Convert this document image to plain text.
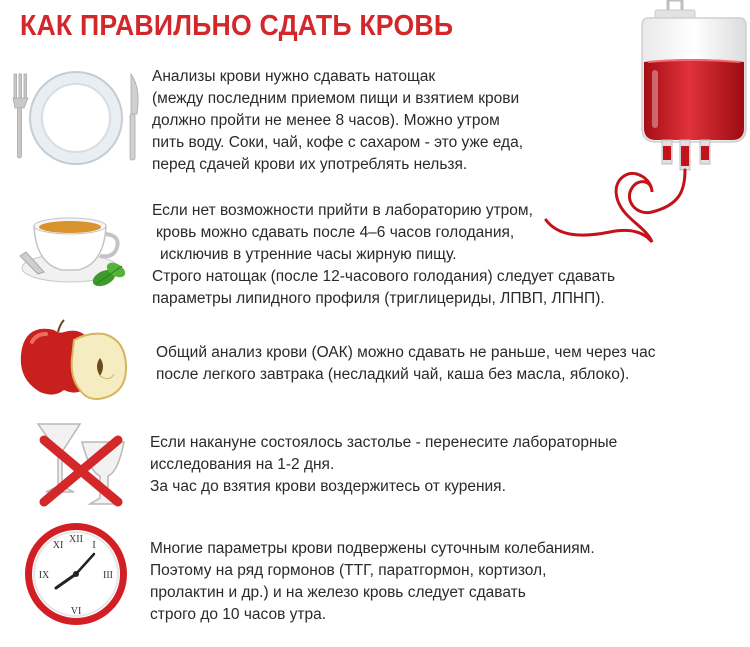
КАК ПРАВИЛЬНО СДАТЬ КРОВЬ
XII
III
VI
IX
I
XI
Анализы крови нужно сдавать натощак
(между последним приемом пищи и взятием крови
должно пройти не менее 8 часов). Можно утром
пить воду. Соки, чай, кофе с сахаром - это уже еда,
перед сдачей крови их употреблять нельзя.
Если нет возможности прийти в лабораторию утром,
кровь можно сдавать после 4–6 часов голодания,
исключив в утренние часы жирную пищу.
Строго натощак (после 12-часового голодания) следует сдавать
параметры липидного профиля (триглицериды, ЛПВП, ЛПНП).
Общий анализ крови (ОАК) можно сдавать не раньше, чем через час
после легкого завтрака (несладкий чай, каша без масла, яблоко).
Если накануне состоялось застолье - перенесите лабораторные
исследования на 1-2 дня.
За час до взятия крови воздержитесь от курения.
Многие параметры крови подвержены суточным колебаниям.
Поэтому на ряд гормонов (ТТГ, паратгормон, кортизол,
пролактин и др.) и на железо кровь следует сдавать
строго до 10 часов утра.
